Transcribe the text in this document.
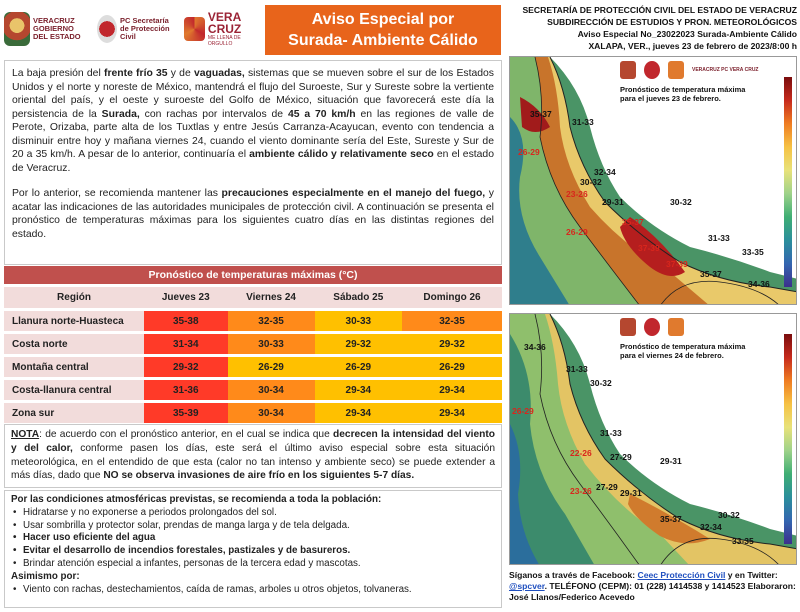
VERACRUZ GOBIERNO DEL ESTADO
PC Secretaría de Protección Civil
VERA CRUZ
ME LLENA DE ORGULLO
Aviso Especial por
Surada- Ambiente Cálido
SECRETARÍA DE PROTECCIÓN CIVIL DEL ESTADO DE VERACRUZ
SUBDIRECCIÓN DE ESTUDIOS Y PRON. METEOROLÓGICOS
Aviso Especial No_23022023 Surada-Ambiente Cálido
XALAPA, VER., jueves 23 de febrero de 2023/8:00 h

La baja presión del frente frío 35 y de vaguadas, sistemas que se mueven sobre el sur de los Estados Unidos y el norte y noreste de México, mantendrá el flujo del Suroeste, Sur y Sureste sobre la vertiente oriental del país, y el oeste y suroeste del Golfo de México, situación que favorecerá este día la persistencia de la Surada, con rachas por intervalos de 45 a 70 km/h en las regiones de valle de Perote, Orizaba, parte alta de los Tuxtlas y entre Jesús Carranza-Acayucan, evento con tendencia a disminuir entre hoy y mañana viernes 24, cuando el viento dominante sería del Este, Sureste y Sur de 20 a 35 km/h. A pesar de lo anterior, continuaría el ambiente cálido y relativamente seco en el estado de Veracruz.

Por lo anterior, se recomienda mantener las precauciones especialmente en el manejo del fuego, y acatar las indicaciones de las autoridades municipales de protección civil. A continuación se presenta el pronóstico de temperaturas máximas para los siguientes cuatro días en las distintas regiones del estado.

Pronóstico de temperaturas máximas (°C)
Región	Jueves 23	Viernes 24	Sábado 25	Domingo 26
Llanura norte-Huasteca	35-38	32-35	30-33	32-35
Costa norte	31-34	30-33	29-32	29-32
Montaña central	29-32	26-29	26-29	26-29
Costa-llanura central	31-36	30-34	29-34	29-34
Zona sur	35-39	30-34	29-34	29-34
NOTA: de acuerdo con el pronóstico anterior, en el cual se indica que decrecen la intensidad del viento y del calor, conforme pasen los días, este será el último aviso especial sobre esta situación meteorológica, en el entendido de que esta (calor no tan intenso y ambiente seco) se puede extender a más días, dado que NO se observa invasiones de aire frío en los siguientes 5-7 días.
Por las condiciones atmosféricas previstas, se recomienda a toda la población:
• Hidratarse y no exponerse a periodos prolongados del sol.
• Usar sombrilla y protector solar, prendas de manga larga y de tela delgada.
• Hacer uso eficiente del agua
• Evitar el desarrollo de incendios forestales, pastizales y de basureros.
• Brindar atención especial a infantes, personas de la tercera edad y mascotas.
Asimismo por:
• Viento con rachas, destechamientos, caída de ramas, arboles u otros objetos, tolvaneras.
VERACRUZ PC VERA CRUZ
Pronóstico de temperatura máxima para el jueves 23 de febrero.
35-37
31-33
26-29
23-26
32-34
29-31
30-32
26-29
35-37
37-39
30-32
31-33
33-35
37-39
34-36
35-37
Pronóstico de temperatura máxima para el viernes 24 de febrero.
34-36
31-33
30-32
26-29
31-33
22-26 27-29	29-31
23-26 27-29
29-31
35-37
32-34
30-32
33-35
Síganos a través de Facebook: Ceec Protección Civil y en Twitter: @spcver. TELÉFONO (CEPM): 01 (228) 1414538 y 1414523 Elaboraron: José Llanos/Federico Acevedo
